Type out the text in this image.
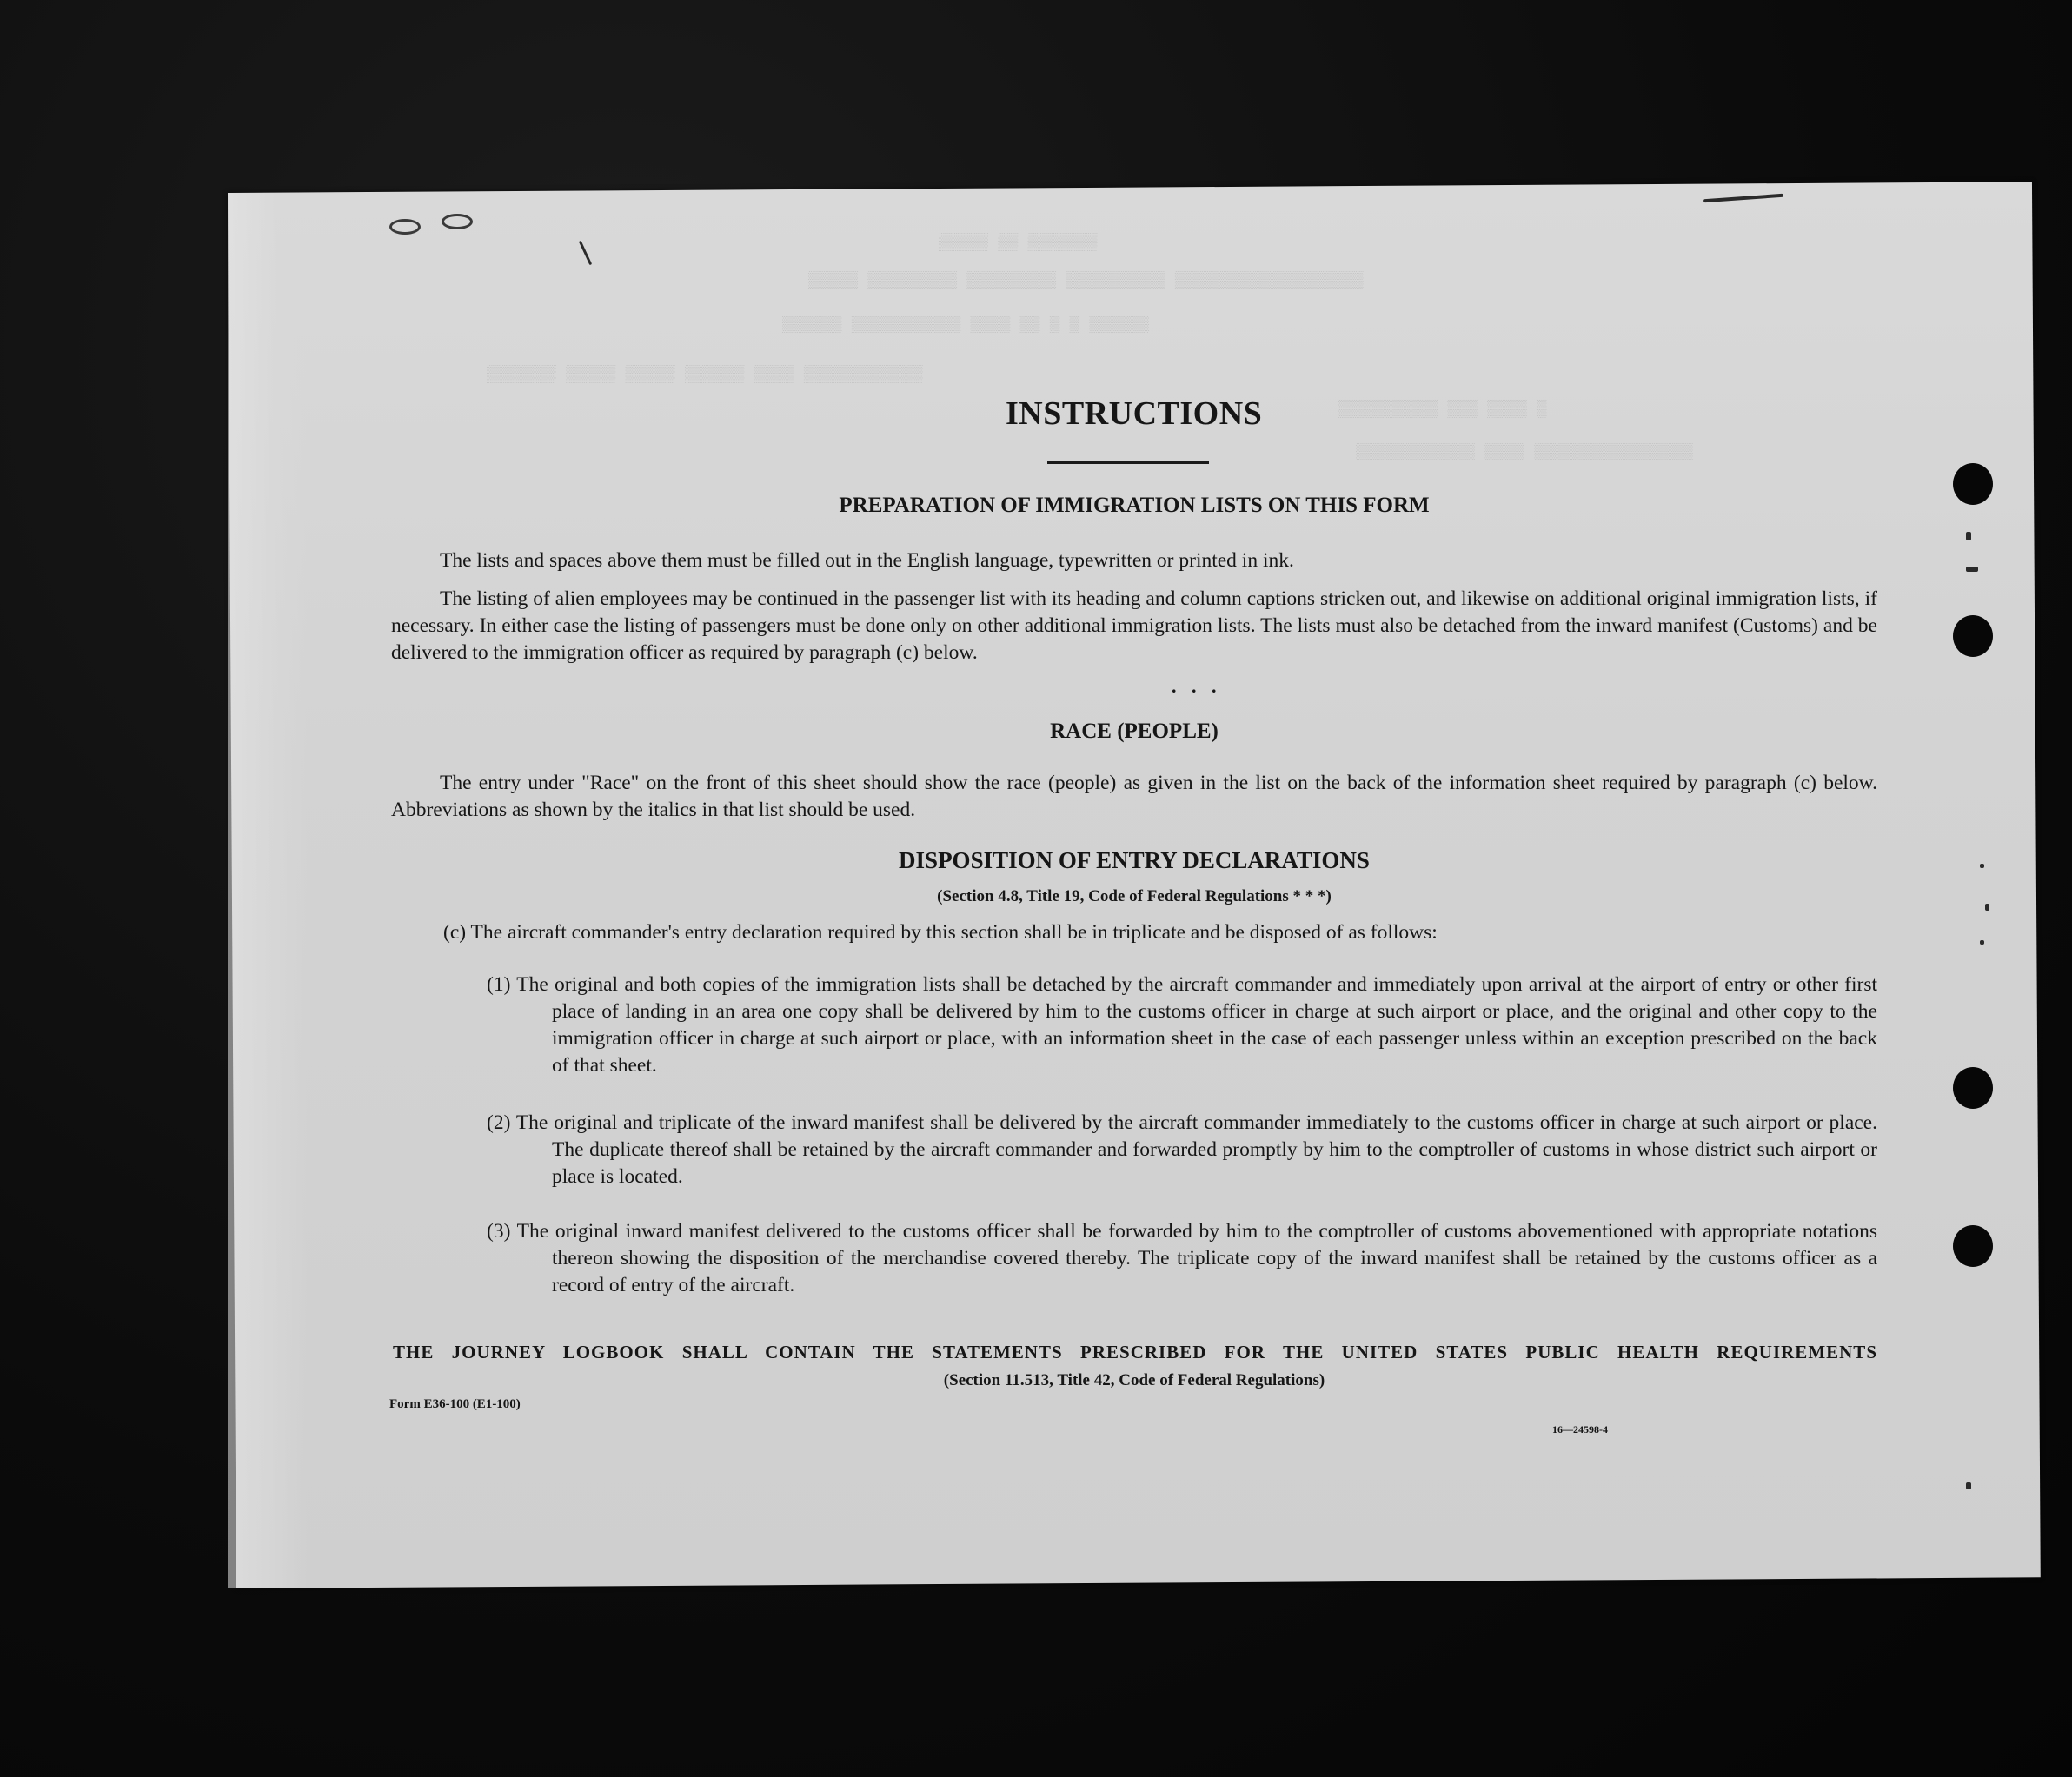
▒▒▒▒▒ ▒▒ ▒▒▒▒▒▒▒
▒▒▒▒▒ ▒▒▒▒▒▒▒▒▒ ▒▒▒▒▒▒▒▒▒ ▒▒▒▒▒▒▒▒▒▒ ▒▒▒▒▒▒▒▒▒▒▒▒▒▒▒▒▒▒▒
▒▒▒▒▒▒ ▒▒▒▒▒▒▒▒▒▒▒ ▒▒▒▒ ▒▒ ▒ ▒ ▒▒▒▒▒▒
▒▒▒▒▒▒▒ ▒▒▒▒▒ ▒▒▒▒▒ ▒▒▒▒▒▒ ▒▒▒▒ ▒▒▒▒▒▒▒▒▒▒▒▒
▒▒▒▒▒▒▒▒▒▒ ▒▒▒ ▒▒▒▒ ▒
▒▒▒▒▒▒▒▒▒▒▒▒ ▒▒▒▒ ▒▒▒▒▒▒▒▒▒▒▒▒▒▒▒▒
INSTRUCTIONS
PREPARATION OF IMMIGRATION LISTS ON THIS FORM
The lists and spaces above them must be filled out in the English language, typewritten or printed in ink.
The listing of alien employees may be continued in the passenger list with its heading and column captions stricken out, and likewise on additional original immigration lists, if necessary. In either case the listing of passengers must be done only on other additional immigration lists. The lists must also be detached from the inward manifest (Customs) and be delivered to the immigration officer as required by paragraph (c) below.
. . .
RACE (PEOPLE)
The entry under "Race" on the front of this sheet should show the race (people) as given in the list on the back of the information sheet required by paragraph (c) below. Abbreviations as shown by the italics in that list should be used.
DISPOSITION OF ENTRY DECLARATIONS
(Section 4.8, Title 19, Code of Federal Regulations * * *)
(c) The aircraft commander's entry declaration required by this section shall be in triplicate and be disposed of as follows:
(1) The original and both copies of the immigration lists shall be detached by the aircraft commander and immediately upon arrival at the airport of entry or other first place of landing in an area one copy shall be delivered by him to the customs officer in charge at such airport or place, and the original and other copy to the immigration officer in charge at such airport or place, with an information sheet in the case of each passenger unless within an exception prescribed on the back of that sheet.
(2) The original and triplicate of the inward manifest shall be delivered by the aircraft commander immediately to the customs officer in charge at such airport or place. The duplicate thereof shall be retained by the aircraft commander and forwarded promptly by him to the comptroller of customs in whose district such airport or place is located.
(3) The original inward manifest delivered to the customs officer shall be forwarded by him to the comptroller of customs abovementioned with appropriate notations thereon showing the disposition of the merchandise covered thereby. The triplicate copy of the inward manifest shall be retained by the customs officer as a record of entry of the aircraft.
THE JOURNEY LOGBOOK SHALL CONTAIN THE STATEMENTS PRESCRIBED FOR THE UNITED STATES PUBLIC HEALTH REQUIREMENTS
(Section 11.513, Title 42, Code of Federal Regulations)
Form E36-100 (E1-100)
16—24598-4
